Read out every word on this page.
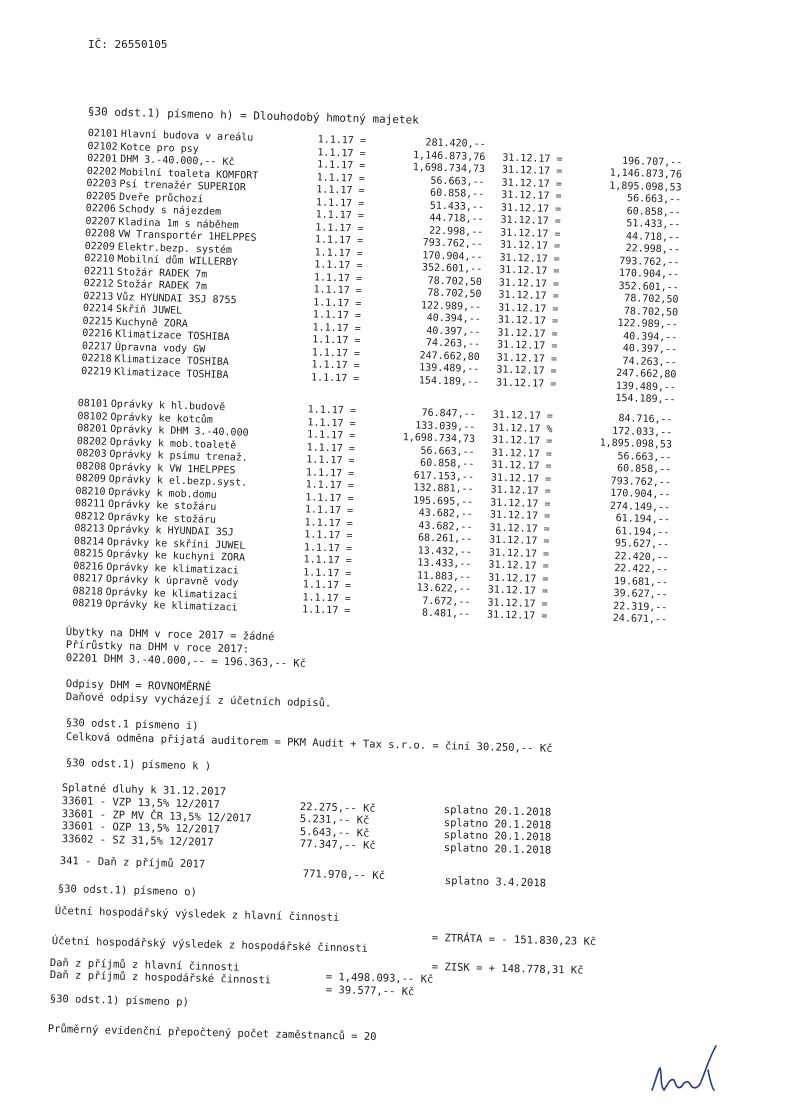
IČ: 26550105
§30 odst.1) písmeno h) = Dlouhodobý hmotný majetek
02101 Hlavní budova v areálu	1.1.17 =	281.420,--
02102 Kotce pro psy	1.1.17 =	1,146.873,76 31.12.17 =	196.707,--
02201 DHM 3.-40.000,-- Kč	1.1.17 =	1,698.734,73 31.12.17 =	1,146.873,76
02202 Mobilní toaleta KOMFORT	1.1.17 =	56.663,-- 31.12.17 =	1,895.098,53
02203 Psí trenažér SUPERIOR	1.1.17 =	60.858,-- 31.12.17 =	56.663,--
02205 Dveře průchozí	1.1.17 =	51.433,-- 31.12.17 =	60.858,--
02206 Schody s nájezdem	1.1.17 =	44.718,-- 31.12.17 =	51.433,--
02207 Kladina 1m s náběhem	1.1.17 =	22.998,-- 31.12.17 =	44.718,--
02208 VW Transportér 1HELPPES	1.1.17 =	793.762,-- 31.12.17 =	22.998,--
02209 Elektr.bezp. systém	1.1.17 =	170.904,-- 31.12.17 =	793.762,--
02210 Mobilní dům WILLERBY	1.1.17 =	352.601,-- 31.12.17 =	170.904,--
02211 Stožár RADEK 7m	1.1.17 =	78.702,50 31.12.17 =	352.601,--
02212 Stožár RADEK 7m	1.1.17 =	78.702,50 31.12.17 =	78.702,50
02213 Vůz HYUNDAI 3SJ 8755	1.1.17 =	122.989,-- 31.12.17 =	78.702,50
02214 Skříň JUWEL	1.1.17 =	40.394,-- 31.12.17 =	122.989,--
02215 Kuchyně ZORA	1.1.17 =	40.397,-- 31.12.17 =	40.394,--
02216 Klimatizace TOSHIBA	1.1.17 =	74.263,-- 31.12.17 =	40.397,--
02217 Úpravna vody GW	1.1.17 =	247.662,80 31.12.17 =	74.263,--
02218 Klimatizace TOSHIBA	1.1.17 =	139.489,-- 31.12.17 =	247.662,80
02219 Klimatizace TOSHIBA	1.1.17 =	154.189,-- 31.12.17 =	139.489,--
154.189,--
08101 Oprávky k hl.budově	1.1.17 =	76.847,-- 31.12.17 =	84.716,--
08102 Oprávky ke kotcům	1.1.17 =	133.039,-- 31.12.17 %	172.033,--
08201 Oprávky k DHM 3.-40.000	1.1.17 =	1,698.734,73 31.12.17 =	1,895.098,53
08202 Oprávky k mob.toaletě	1.1.17 =	56.663,-- 31.12.17 =	56.663,--
08203 Oprávky k psímu trenaž.	1.1.17 =	60.858,-- 31.12.17 =	60.858,--
08208 Oprávky k VW 1HELPPES	1.1.17 =	617.153,-- 31.12.17 =	793.762,--
08209 Oprávky k el.bezp.syst.	1.1.17 =	132.881,-- 31.12.17 =	170.904,--
08210 Oprávky k mob.domu	1.1.17 =	195.695,-- 31.12.17 =	274.149,--
08211 Oprávky ke stožáru	1.1.17 =	43.682,-- 31.12.17 =	61.194,--
08212 Oprávky ke stožáru	1.1.17 =	43.682,-- 31.12.17 =	61.194,--
08213 Oprávky k HYUNDAI 3SJ	1.1.17 =	68.261,-- 31.12.17 =	95.627,--
08214 Oprávky ke skříni JUWEL	1.1.17 =	13.432,-- 31.12.17 =	22.420,--
08215 Oprávky ke kuchyni ZORA	1.1.17 =	13.433,-- 31.12.17 =	22.422,--
08216 Oprávky ke klimatizaci	1.1.17 =	11.883,-- 31.12.17 =	19.681,--
08217 Oprávky k úpravně vody	1.1.17 =	13.622,-- 31.12.17 =	39.627,--
08218 Oprávky ke klimatizaci	1.1.17 =	7.672,-- 31.12.17 =	22.319,--
08219 Oprávky ke klimatizaci	1.1.17 =	8.481,-- 31.12.17 =	24.671,--
Úbytky na DHM v roce 2017 = žádné
Přírůstky na DHM v roce 2017:
02201 DHM 3.-40.000,-- = 196.363,-- Kč
Odpisy DHM = ROVNOMĚRNÉ
Daňové odpisy vycházejí z účetních odpisů.
§30 odst.1 písmeno i)
Celková odměna přijatá auditorem = PKM Audit + Tax s.r.o. = činí 30.250,-- Kč
§30 odst.1) písmeno k )
Splatné dluhy k 31.12.2017
33601 - VZP 13,5% 12/2017	22.275,-- Kč	splatno 20.1.2018
33601 - ZP MV ČR 13,5% 12/2017	5.231,-- Kč	splatno 20.1.2018
33601 - OZP 13,5% 12/2017	5.643,-- Kč	splatno 20.1.2018
33602 - SZ 31,5% 12/2017	77.347,-- Kč	splatno 20.1.2018
341 - Daň z příjmů 2017
771.970,-- Kč	splatno 3.4.2018
§30 odst.1) písmeno o)
Účetní hospodářský výsledek z hlavní činnosti
= ZTRÁTA = - 151.830,23 Kč
Účetní hospodářský výsledek z hospodářské činnosti
= ZISK = + 148.778,31 Kč
Daň z příjmů z hlavní činnosti
= 1,498.093,-- Kč
Daň z příjmů z hospodářské činnosti
= 39.577,-- Kč
§30 odst.1) písmeno p)
Průměrný evidenční přepočtený počet zaměstnanců = 20
